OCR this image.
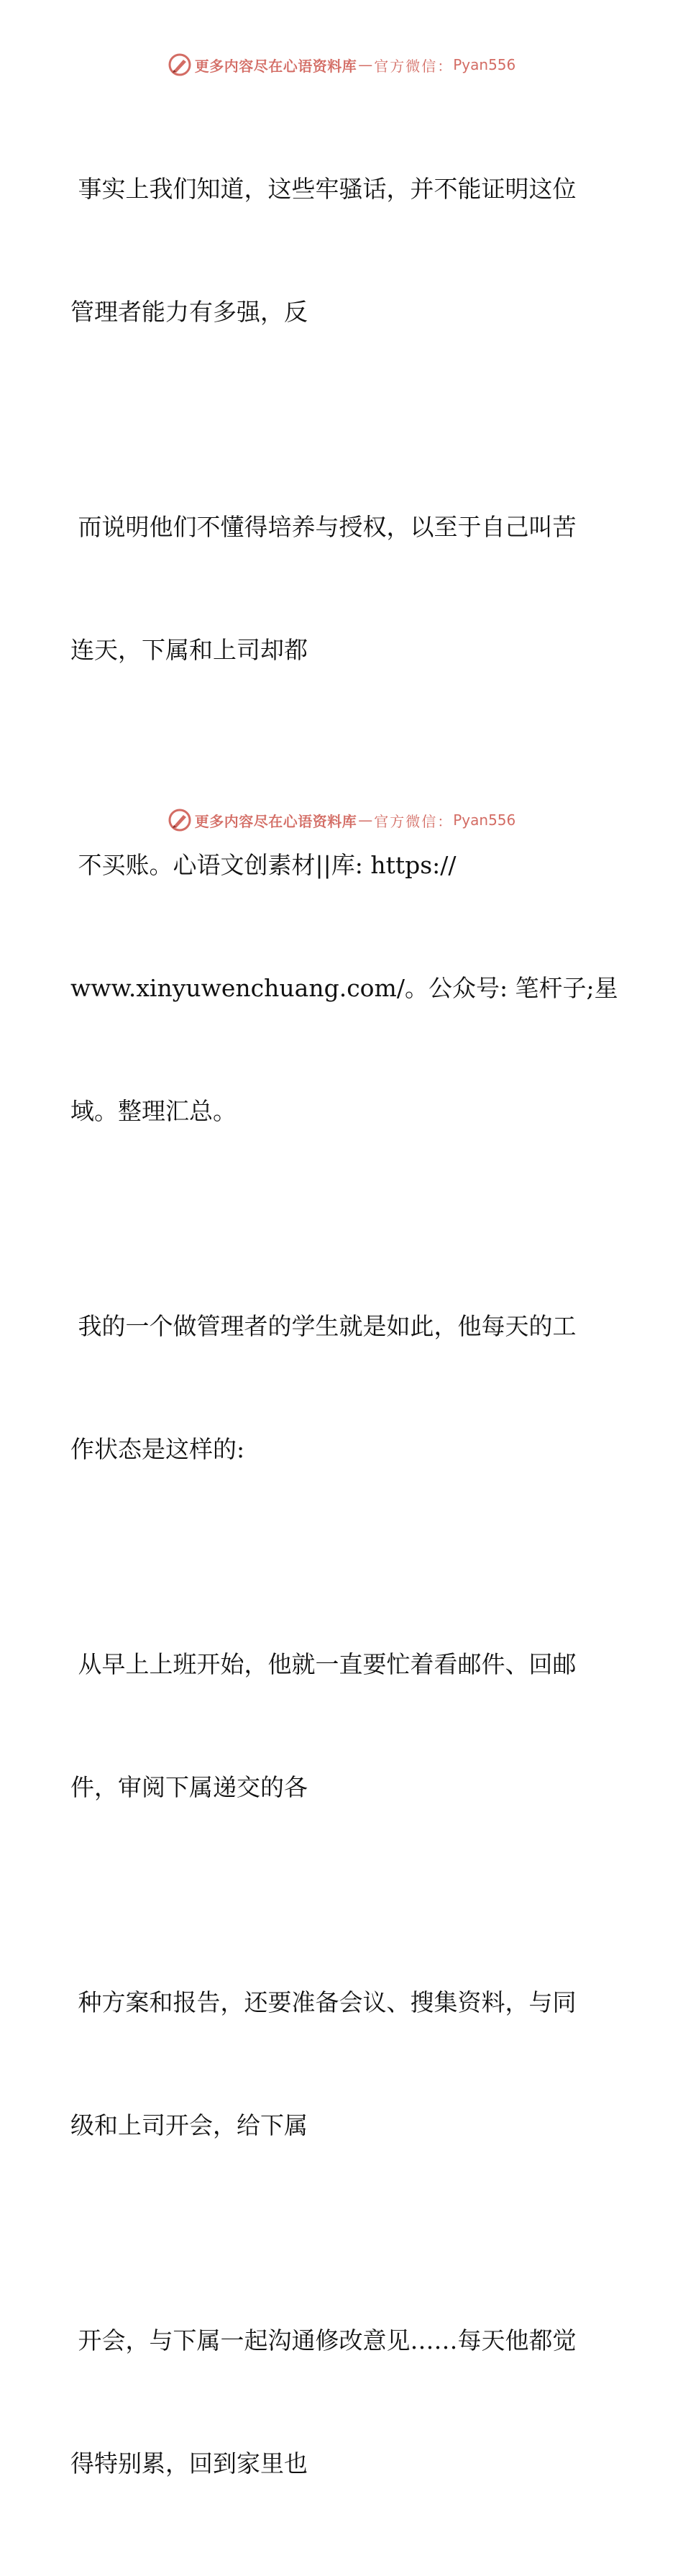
更多内容尽在心语资料库 — 官方微信： Pyan556

事实上我们知道，这些牢骚话，并不能证明这位

管理者能力有多强，反

而说明他们不懂得培养与授权，以至于自己叫苦

连天，下属和上司却都

不买账。心语文创素材||库: https://

www.xinyuwenchuang.com/。公众号: 笔杆子;星

域。整理汇总。

我的一个做管理者的学生就是如此，他每天的工

作状态是这样的:

从早上上班开始，他就一直要忙着看邮件、回邮

件，审阅下属递交的各

种方案和报告，还要准备会议、搜集资料，与同

级和上司开会，给下属

开会，与下属一起沟通修改意见……每天他都觉

得特别累，回到家里也

更多内容尽在心语资料库 — 官方微信： Pyan556
